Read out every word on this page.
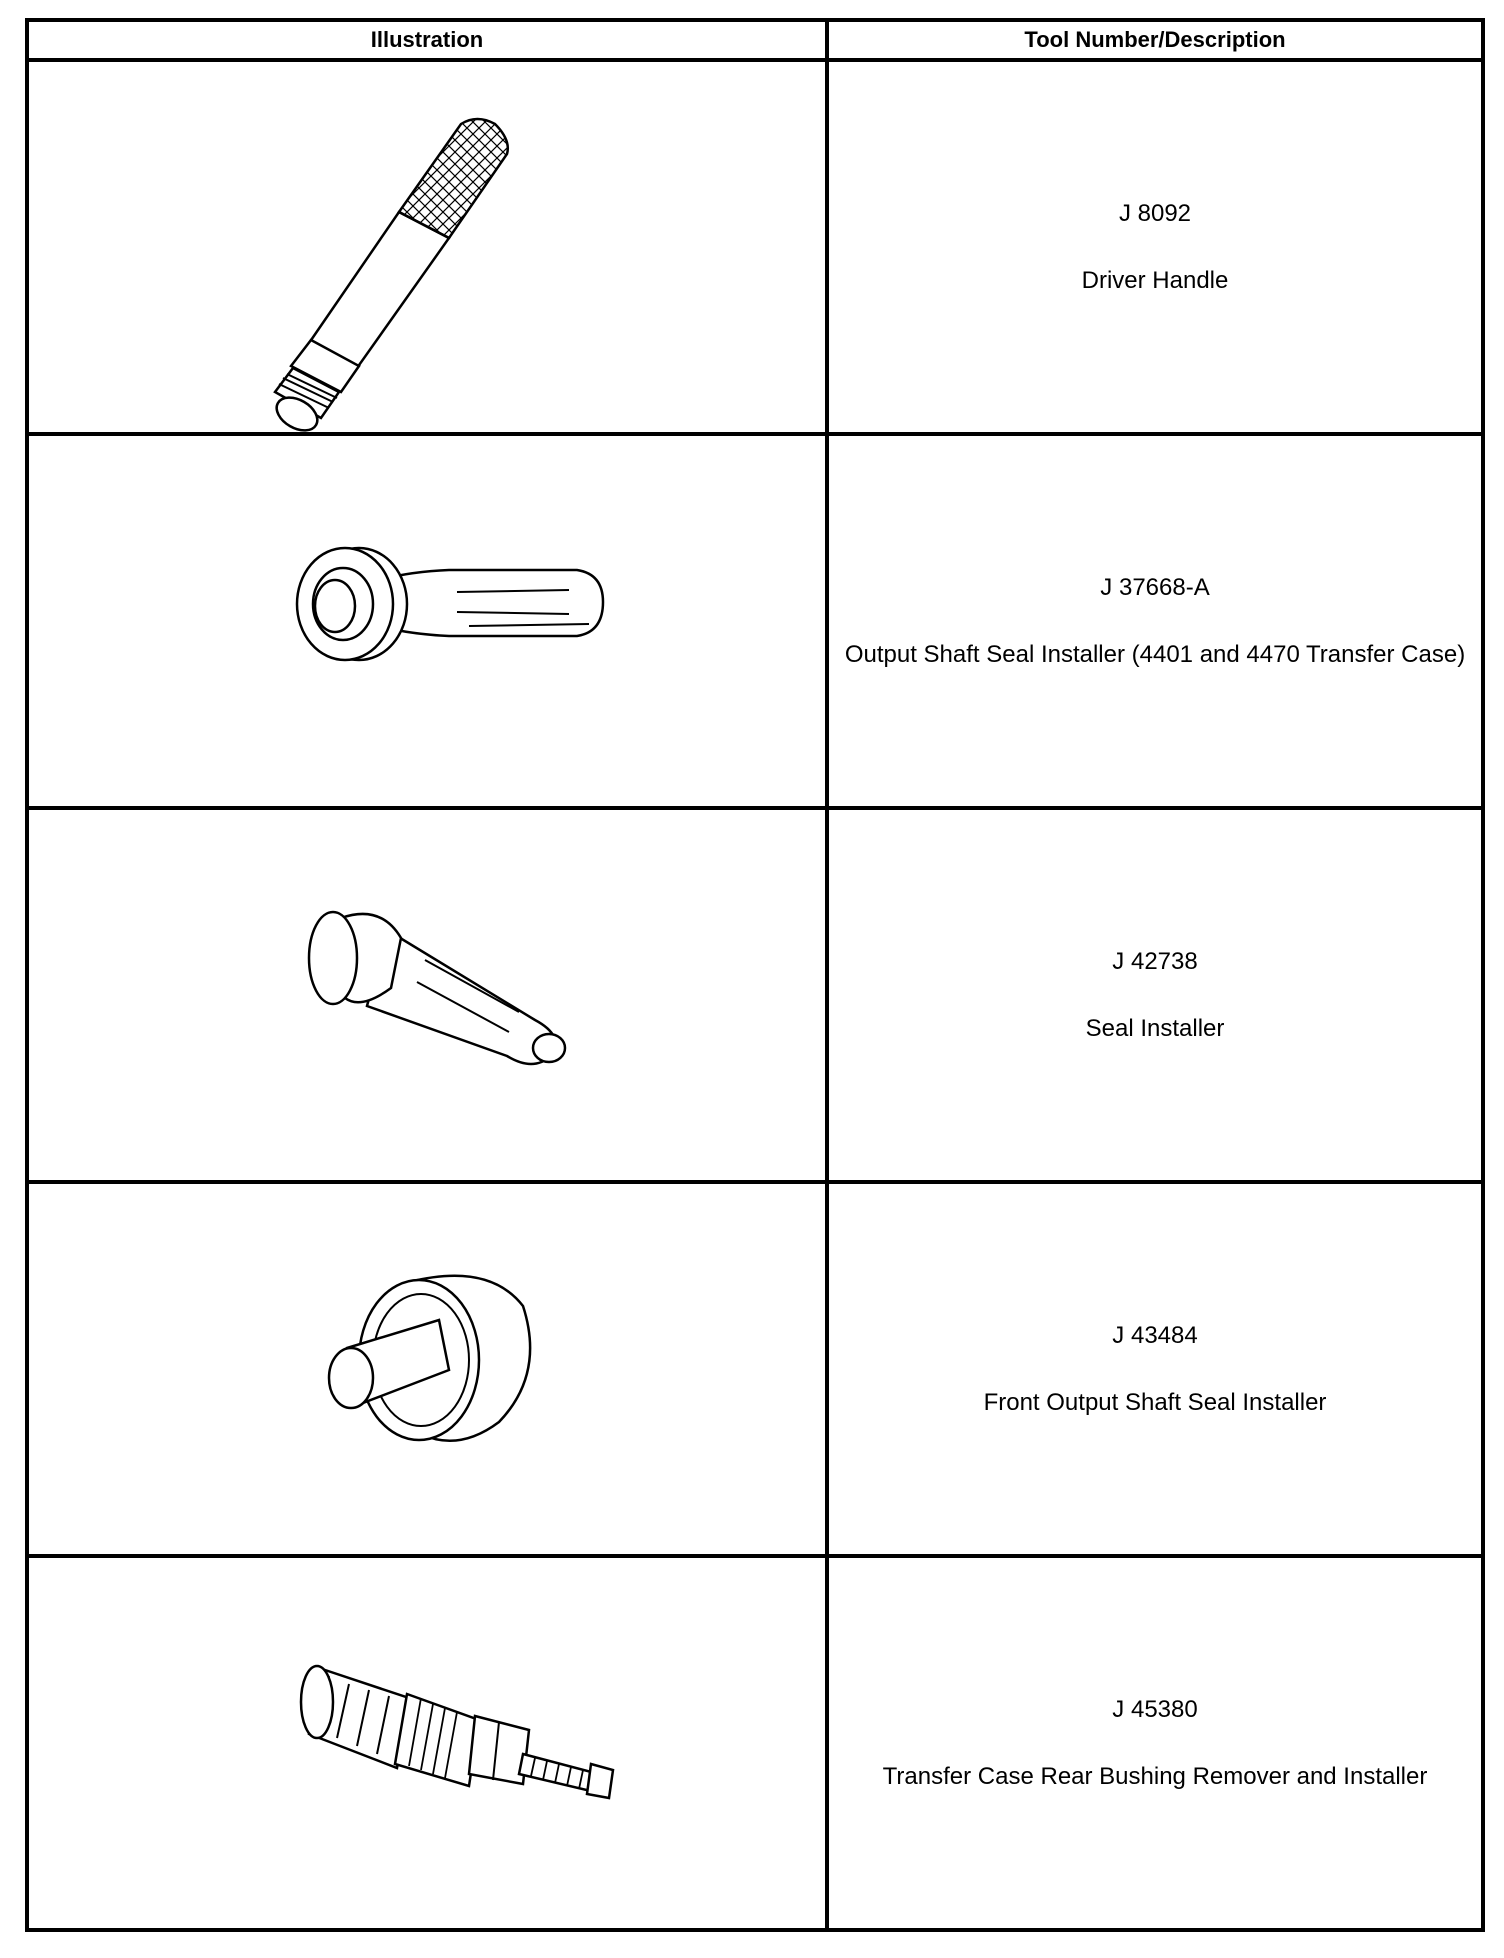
Illustration	Tool Number/Description

J 8092
Driver Handle

J 37668-A
Output Shaft Seal Installer (4401 and 4470 Transfer Case)

J 42738
Seal Installer

J 43484
Front Output Shaft Seal Installer

J 45380
Transfer Case Rear Bushing Remover and Installer
